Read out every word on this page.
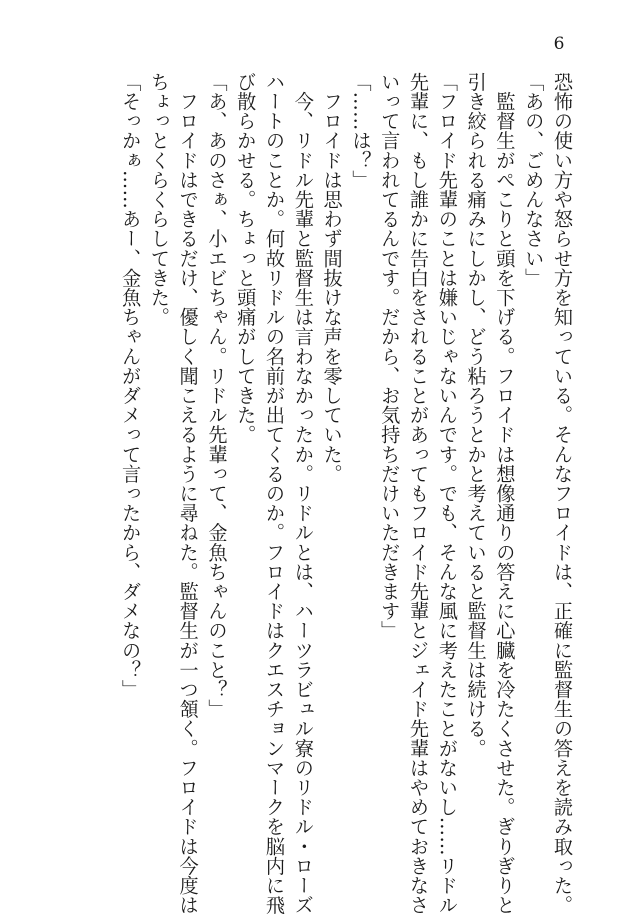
6
恐怖の使い方や怒らせ方を知っている。そんなフロイドは、正確に監督生の答えを読み取った。
「あの、ごめんなさい」
　監督生がぺこりと頭を下げる。フロイドは想像通りの答えに心臓を冷たくさせた。ぎりぎりと
引き絞られる痛みにしかし、どう粘ろうとかと考えていると監督生は続ける。
「フロイド先輩のことは嫌いじゃないんです。でも、そんな風に考えたことがないし……リドル
先輩に、もし誰かに告白をされることがあってもフロイド先輩とジェイド先輩はやめておきなさ
いって言われてるんです。だから、お気持ちだけいただきます」
「……は？」
　フロイドは思わず間抜けな声を零していた。
　今、リドル先輩と監督生は言わなかったか。リドルとは、ハーツラビュル寮のリドル・ローズ
ハートのことか。何故リドルの名前が出てくるのか。フロイドはクエスチョンマークを脳内に飛
び散らかせる。ちょっと頭痛がしてきた。
「あ、あのさぁ、小エビちゃん。リドル先輩って、金魚ちゃんのこと？」
　フロイドはできるだけ、優しく聞こえるように尋ねた。監督生が一つ頷く。フロイドは今度は
ちょっとくらくらしてきた。
「そっかぁ……あー、金魚ちゃんがダメって言ったから、ダメなの？」
